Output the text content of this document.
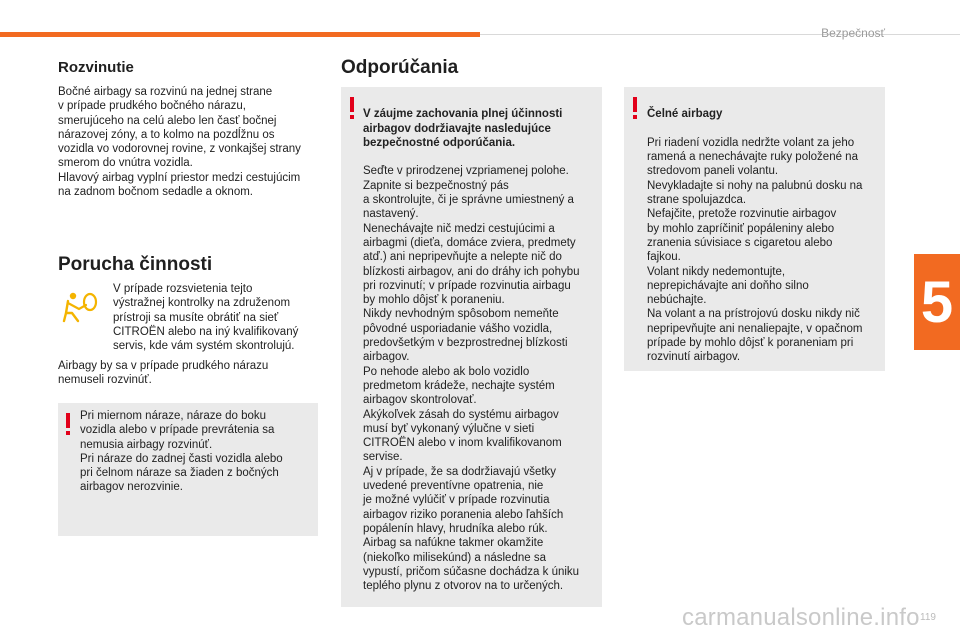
Bezpečnosť
5
119
carmanualsonline.info
Rozvinutie
Bočné airbagy sa rozvinú na jednej strane
v prípade prudkého bočného nárazu,
smerujúceho na celú alebo len časť bočnej
nárazovej zóny, a to kolmo na pozdĺžnu os
vozidla vo vodorovnej rovine, z vonkajšej strany
smerom do vnútra vozidla.
Hlavový airbag vyplní priestor medzi cestujúcim
na zadnom bočnom sedadle a oknom.
Porucha činnosti
V prípade rozsvietenia tejto
výstražnej kontrolky na združenom
prístroji sa musíte obrátiť na sieť
CITROËN alebo na iný kvalifikovaný
servis, kde vám systém skontrolujú.
Airbagy by sa v prípade prudkého nárazu
nemuseli rozvinúť.
Pri miernom náraze, náraze do boku
vozidla alebo v prípade prevrátenia sa
nemusia airbagy rozvinúť.
Pri náraze do zadnej časti vozidla alebo
pri čelnom náraze sa žiaden z bočných
airbagov nerozvinie.
Odporúčania

V záujme zachovania plnej účinnosti
airbagov dodržiavajte nasledujúce
bezpečnostné odporúčania.

Seďte v prirodzenej vzpriamenej polohe.
Zapnite si bezpečnostný pás
a skontrolujte, či je správne umiestnený a
nastavený.
Nenechávajte nič medzi cestujúcimi a
airbagmi (dieťa, domáce zviera, predmety
atď.) ani nepripevňujte a nelepte nič do
blízkosti airbagov, ani do dráhy ich pohybu
pri rozvinutí; v prípade rozvinutia airbagu
by mohlo dôjsť k poraneniu.
Nikdy nevhodným spôsobom nemeňte
pôvodné usporiadanie vášho vozidla,
predovšetkým v bezprostrednej blízkosti
airbagov.
Po nehode alebo ak bolo vozidlo
predmetom krádeže, nechajte systém
airbagov skontrolovať.
Akýkoľvek zásah do systému airbagov
musí byť vykonaný výlučne v sieti
CITROËN alebo v inom kvalifikovanom
servise.
Aj v prípade, že sa dodržiavajú všetky
uvedené preventívne opatrenia, nie
je možné vylúčiť v prípade rozvinutia
airbagov riziko poranenia alebo ľahších
popálenín hlavy, hrudníka alebo rúk.
Airbag sa nafúkne takmer okamžite
(niekoľko milisekúnd) a následne sa
vypustí, pričom súčasne dochádza k úniku
teplého plynu z otvorov na to určených.

Čelné airbagy

Pri riadení vozidla nedržte volant za jeho
ramená a nenechávajte ruky položené na
stredovom paneli volantu.
Nevykladajte si nohy na palubnú dosku na
strane spolujazdca.
Nefajčite, pretože rozvinutie airbagov
by mohlo zapríčiniť popáleniny alebo
zranenia súvisiace s cigaretou alebo
fajkou.
Volant nikdy nedemontujte,
neprepichávajte ani doňho silno
nebúchajte.
Na volant a na prístrojovú dosku nikdy nič
nepripevňujte ani nenaliepajte, v opačnom
prípade by mohlo dôjsť k poraneniam pri
rozvinutí airbagov.
